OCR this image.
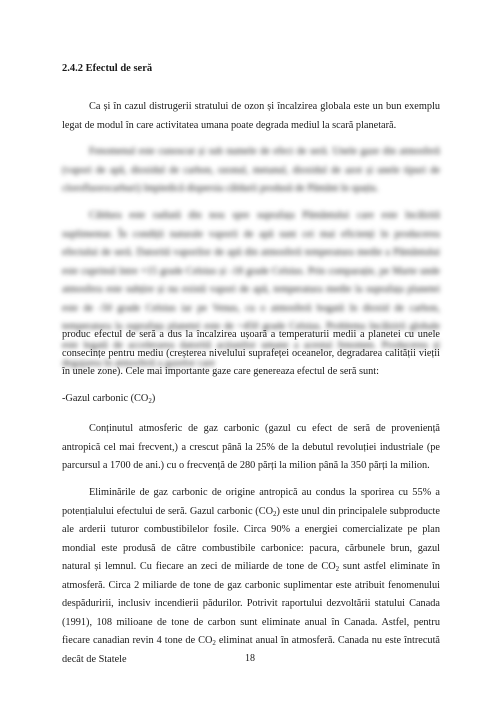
2.4.2 Efectul de seră

Ca și în cazul distrugerii stratului de ozon și încalzirea globala este un bun exemplu legat de modul în care activitatea umana poate degrada mediul la scară planetară.

Fenomenul este cunoscut și sub numele de efect de seră. Unele gaze din atmosferă (vapori de apă, dioxidul de carbon, ozonul, metanul, dioxidul de azot și unele tipuri de clorofluorocarburi) împiedică dispersia căldurii produsă de Pământ în spațiu.

Căldura este radiată din nou spre suprafața Pământului care este încălzită suplimentar. În condiții naturale vaporii de apă sunt cei mai eficienți în producerea efectului de seră. Datorită vaporilor de apă din atmosferă temperatura medie a Pământului este cuprinsă între +15 grade Celsius și -18 grade Celsius. Prin comparație, pe Marte unde atmosfera este subțire și nu există vapori de apă, temperatura medie la suprafața planetei este de -50 grade Celsius iar pe Venus, cu o atmosferă bogată în dioxid de carbon, temperatura la suprafața planetei este de ~450 grade Celsius. Problema încălzirii globale este legată de accelerarea datorită acțiunilor umane a acestui fenomen. Producerea și degajarea în atmosferă a gazelor care

produc efectul de seră a dus la încalzirea ușoară a temperaturii medii a planetei cu unele consecințe pentru mediu (creșterea nivelului suprafeței oceanelor, degradarea calității vieții în unele zone). Cele mai importante gaze care genereaza efectul de seră sunt:

-Gazul carbonic $(CO_2)$

Conținutul atmosferic de gaz carbonic (gazul cu efect de seră de proveniență antropică cel mai frecvent,) a crescut până la 25% de la debutul revoluției industriale (pe parcursul a 1700 de ani.) cu o frecvență de 280 părți la milion până la 350 părți la milion.

Eliminările de gaz carbonic de origine antropică au condus la sporirea cu 55% a potențialului efectului de seră. Gazul carbonic $(CO_2)$ este unul din principalele subproducte ale arderii tuturor combustibilelor fosile. Circa 90% a energiei comercializate pe plan mondial este produsă de către combustibile carbonice: pacura, cărbunele brun, gazul natural și lemnul. Cu fiecare an zeci de miliarde de tone de $CO_2$ sunt astfel eliminate în atmosferă. Circa 2 miliarde de tone de gaz carbonic suplimentar este atribuit fenomenului despăduririi, inclusiv incendierii pădurilor. Potrivit raportului dezvoltării statului Canada (1991), 108 milioane de tone de carbon sunt eliminate anual în Canada. Astfel, pentru fiecare canadian revin 4 tone de $CO_2$ eliminat anual în atmosferă. Canada nu este întrecută decât de Statele	18
